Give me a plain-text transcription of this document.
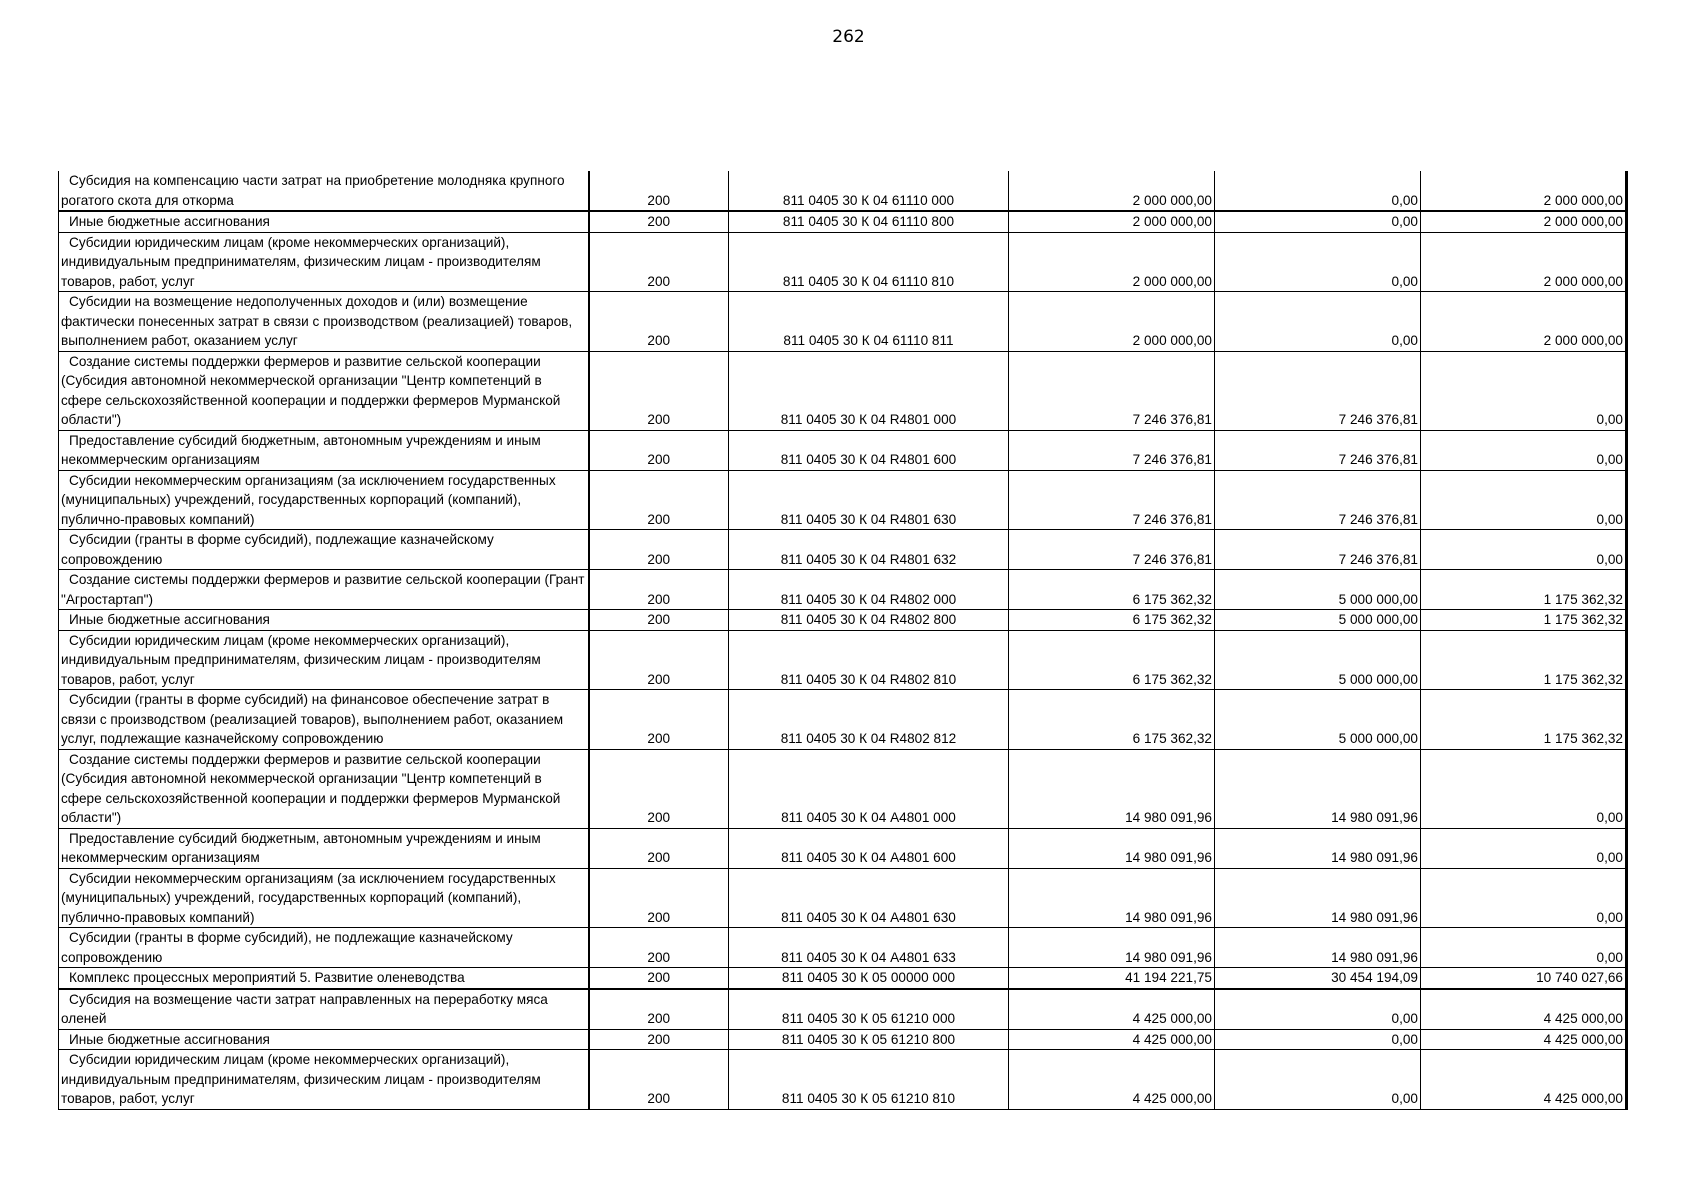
262
Субсидия на компенсацию части затрат на приобретение молодняка крупного рогатого скота для откорма	200	811 0405 30 К 04 61110 000	2 000 000,00	0,00	2 000 000,00
Иные бюджетные ассигнования	200	811 0405 30 К 04 61110 800	2 000 000,00	0,00	2 000 000,00
Субсидии юридическим лицам (кроме некоммерческих организаций), индивидуальным предпринимателям, физическим лицам - производителям товаров, работ, услуг	200	811 0405 30 К 04 61110 810	2 000 000,00	0,00	2 000 000,00
Субсидии на возмещение недополученных доходов и (или) возмещение фактически понесенных затрат в связи с производством (реализацией) товаров, выполнением работ, оказанием услуг	200	811 0405 30 К 04 61110 811	2 000 000,00	0,00	2 000 000,00
Создание системы поддержки фермеров и развитие сельской кооперации (Субсидия автономной некоммерческой организации "Центр компетенций в сфере сельскохозяйственной кооперации и поддержки фермеров Мурманской области")	200	811 0405 30 К 04 R4801 000	7 246 376,81	7 246 376,81	0,00
Предоставление субсидий бюджетным, автономным учреждениям и иным некоммерческим организациям	200	811 0405 30 К 04 R4801 600	7 246 376,81	7 246 376,81	0,00
Субсидии некоммерческим организациям (за исключением государственных (муниципальных) учреждений, государственных корпораций (компаний), публично-правовых компаний)	200	811 0405 30 К 04 R4801 630	7 246 376,81	7 246 376,81	0,00
Субсидии (гранты в форме субсидий), подлежащие казначейскому сопровождению	200	811 0405 30 К 04 R4801 632	7 246 376,81	7 246 376,81	0,00
Создание системы поддержки фермеров и развитие сельской кооперации (Грант "Агростартап")	200	811 0405 30 К 04 R4802 000	6 175 362,32	5 000 000,00	1 175 362,32
Иные бюджетные ассигнования	200	811 0405 30 К 04 R4802 800	6 175 362,32	5 000 000,00	1 175 362,32
Субсидии юридическим лицам (кроме некоммерческих организаций), индивидуальным предпринимателям, физическим лицам - производителям товаров, работ, услуг	200	811 0405 30 К 04 R4802 810	6 175 362,32	5 000 000,00	1 175 362,32
Субсидии (гранты в форме субсидий) на финансовое обеспечение затрат в связи с производством (реализацией товаров), выполнением работ, оказанием услуг, подлежащие казначейскому сопровождению	200	811 0405 30 К 04 R4802 812	6 175 362,32	5 000 000,00	1 175 362,32
Создание системы поддержки фермеров и развитие сельской кооперации (Субсидия автономной некоммерческой организации "Центр компетенций в сфере сельскохозяйственной кооперации и поддержки фермеров Мурманской области")	200	811 0405 30 К 04 А4801 000	14 980 091,96	14 980 091,96	0,00
Предоставление субсидий бюджетным, автономным учреждениям и иным некоммерческим организациям	200	811 0405 30 К 04 А4801 600	14 980 091,96	14 980 091,96	0,00
Субсидии некоммерческим организациям (за исключением государственных (муниципальных) учреждений, государственных корпораций (компаний), публично-правовых компаний)	200	811 0405 30 К 04 А4801 630	14 980 091,96	14 980 091,96	0,00
Субсидии (гранты в форме субсидий), не подлежащие казначейскому сопровождению	200	811 0405 30 К 04 А4801 633	14 980 091,96	14 980 091,96	0,00
Комплекс процессных мероприятий 5. Развитие оленеводства	200	811 0405 30 К 05 00000 000	41 194 221,75	30 454 194,09	10 740 027,66
Субсидия на возмещение части затрат направленных на переработку мяса оленей	200	811 0405 30 К 05 61210 000	4 425 000,00	0,00	4 425 000,00
Иные бюджетные ассигнования	200	811 0405 30 К 05 61210 800	4 425 000,00	0,00	4 425 000,00
Субсидии юридическим лицам (кроме некоммерческих организаций), индивидуальным предпринимателям, физическим лицам - производителям товаров, работ, услуг	200	811 0405 30 К 05 61210 810	4 425 000,00	0,00	4 425 000,00
